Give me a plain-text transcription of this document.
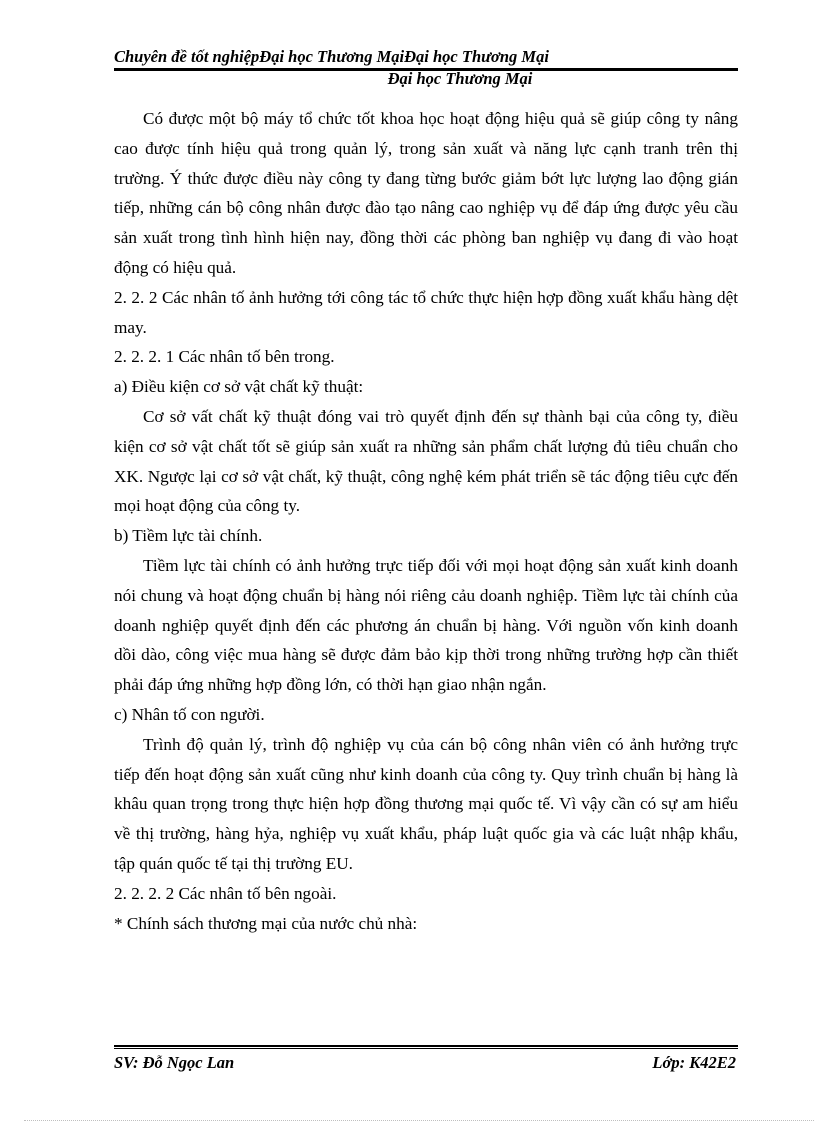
Chuyên đề tốt nghiệpĐại học Thương MạiĐại học Thương Mại
Đại học Thương Mại

Có được một bộ máy tổ chức tốt khoa học hoạt động hiệu quả sẽ giúp công ty nâng cao được tính hiệu quả trong quản lý, trong sản xuất và năng lực cạnh tranh trên thị trường. Ý thức được điều này công ty đang từng bước giảm bớt lực lượng lao động gián tiếp, những cán bộ công nhân được đào tạo nâng cao nghiệp vụ để đáp ứng được yêu cầu sản xuất trong tình hình hiện nay, đồng thời các phòng ban nghiệp vụ đang đi vào hoạt động có hiệu quả.

2. 2. 2 Các nhân tố ảnh hưởng tới công tác tổ chức thực hiện hợp đồng xuất khẩu hàng dệt may.

2. 2. 2. 1 Các nhân tố bên trong.

a) Điều kiện cơ sở vật chất kỹ thuật:

Cơ sở vất chất kỹ thuật đóng vai trò quyết định đến sự thành bại của công ty, điều kiện cơ sở vật chất tốt sẽ giúp sản xuất ra những sản phẩm chất lượng đủ tiêu chuẩn cho XK. Ngược lại cơ sở vật chất, kỹ thuật, công nghệ kém phát triển sẽ tác động tiêu cực đến mọi hoạt động của công ty.

b) Tiềm lực tài chính.

Tiềm lực tài chính có ảnh hưởng trực tiếp đối với mọi hoạt động sản xuất kinh doanh nói chung và hoạt động chuẩn bị hàng nói riêng cảu doanh nghiệp. Tiềm lực tài chính của doanh nghiệp quyết định đến các phương án chuẩn bị hàng. Với nguồn vốn kinh doanh dồi dào, công việc mua hàng sẽ được đảm bảo kịp thời trong những trường hợp cần thiết phải đáp ứng những hợp đồng lớn, có thời hạn giao nhận ngắn.

c) Nhân tố con người.

Trình độ quản lý, trình độ nghiệp vụ của cán bộ công nhân viên có ảnh hưởng trực tiếp đến hoạt động sản xuất cũng như kinh doanh của công ty. Quy trình chuẩn bị hàng là khâu quan trọng trong thực hiện hợp đồng thương mại quốc tế. Vì vậy cần có sự am hiểu về thị trường, hàng hỷa, nghiệp vụ xuất khẩu, pháp luật quốc gia và các luật nhập khẩu, tập quán quốc tế tại thị trường EU.

2. 2. 2. 2 Các nhân tố bên ngoài.

* Chính sách thương mại của nước chủ nhà:

SV: Đỗ Ngọc Lan	Lớp: K42E2
